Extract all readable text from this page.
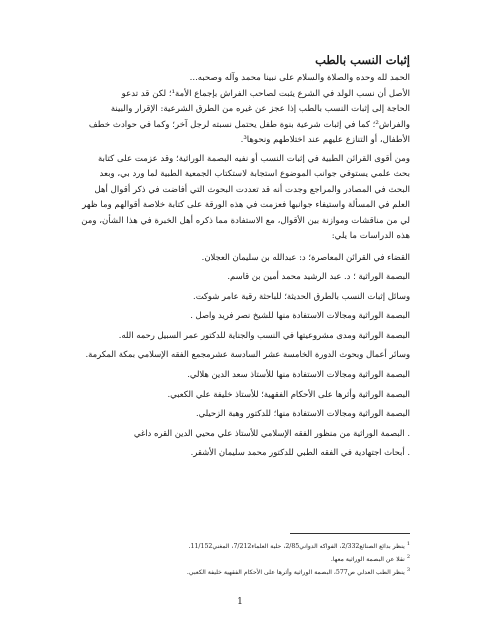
إثبات النسب بالطب
الحمد لله وحده والصلاة والسلام على نبينا محمد وآله وصحبه...
الأصل أن نسب الولد في الشرع يثبت لصاحب الفراش بإجماع الأمة¹؛ لكن قد تدعو
الحاجة إلى إثبات النسب بالطب إذا عجز عن غيره من الطرق الشرعية: الإقرار والبينة
والفراش²؛ كما في إثبات شرعية بنوة طفل يحتمل نسبته لرجل آخر؛ وكما في حوادث خطف
الأطفال، أو التنازع عليهم عند اختلاطهم ونحوها³.
ومن أقوى القرائن الطبية في إثبات النسب أو نفيه البصمة الوراثية؛ وقد عزمت على كتابة
بحث علمي يستوفي جوانب الموضوع استجابة لاستكتاب الجمعية الطبية لما ورد بي، وبعد
البحث في المصادر والمراجع وجدت أنه قد تعددت البحوث التي أفاضت في ذكر أقوال أهل
العلم في المسألة واستيفاء جوانبها فعزمت في هذه الورقة على كتابة خلاصة أقوالهم وما ظهر
لي من مناقشات وموازنة بين الأقوال، مع الاستفادة مما ذكره أهل الخبرة في هذا الشأن، ومن
هذه الدراسات ما يلي:
القضاء في القرائن المعاصرة؛ د: عبدالله بن سليمان العجلان.
البصمة الوراثية ؛ د. عبد الرشيد محمد أمين بن قاسم.
وسائل إثبات النسب بالطرق الحديثة؛ للباحثة رقية عامر شوكت.
البصمة الوراثية ومجالات الاستفادة منها للشيخ نصر فريد واصل .
البصمة الوراثية ومدى مشروعيتها في النسب والجناية للدكتور عمر السبيل رحمه الله.
وسائر أعمال وبحوث الدورة الخامسة عشر السادسة عشرمجمع الفقه الإسلامي بمكة المكرمة.
البصمة الوراثية ومجالات الاستفادة منها للأستاذ سعد الدين هلالي.
البصمة الوراثية وأثرها على الأحكام الفقهية؛ للأستاذ خليفة علي الكعبي.
البصمة الوراثية ومجالات الاستفادة منها؛ للدكتور وهبة الزحيلي.
. البصمة الوراثية من منظور الفقه الإسلامي للأستاذ علي محيي الدين القره داغي
. أبحاث اجتهادية في الفقه الطبي للدكتور محمد سليمان الأشقر.
$^1$ ينظر بدائع الصنائع2/332، الفواكه الدواني2/85، حلية العلماء7/212، المغني11/152.
$^2$ نقلا عن البصمة الوراثية معها.
$^3$ ينظر الطب العدلي ص577، البصمة الوراثية وأثرها على الأحكام الفقهية خليفة الكعبي.
1
